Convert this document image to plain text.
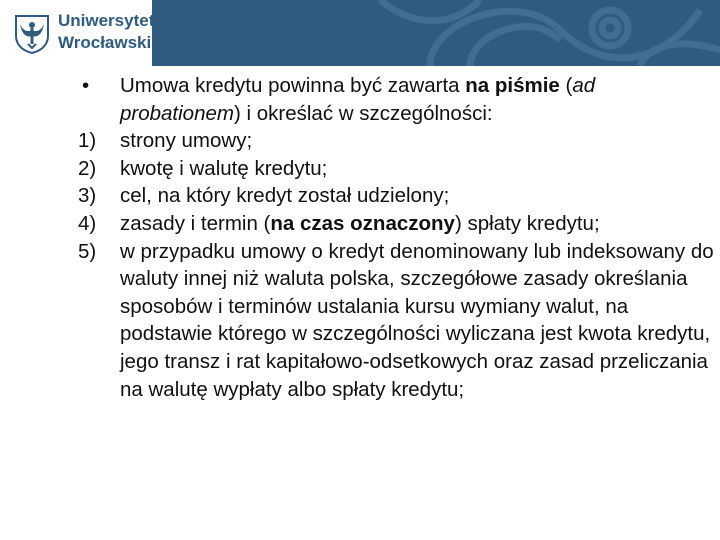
Uniwersytet
Wrocławski
•	Umowa kredytu powinna być zawarta na piśmie (ad probationem) i określać w szczególności:
1)	strony umowy;
2)	kwotę i walutę kredytu;
3)	cel, na który kredyt został udzielony;
4)	zasady i termin (na czas oznaczony) spłaty kredytu;
5)	w przypadku umowy o kredyt denominowany lub indeksowany do waluty innej niż waluta polska, szczegółowe zasady określania sposobów i terminów ustalania kursu wymiany walut, na podstawie którego w szczególności wyliczana jest kwota kredytu, jego transz i rat kapitałowo-odsetkowych oraz zasad przeliczania na walutę wypłaty albo spłaty kredytu;
